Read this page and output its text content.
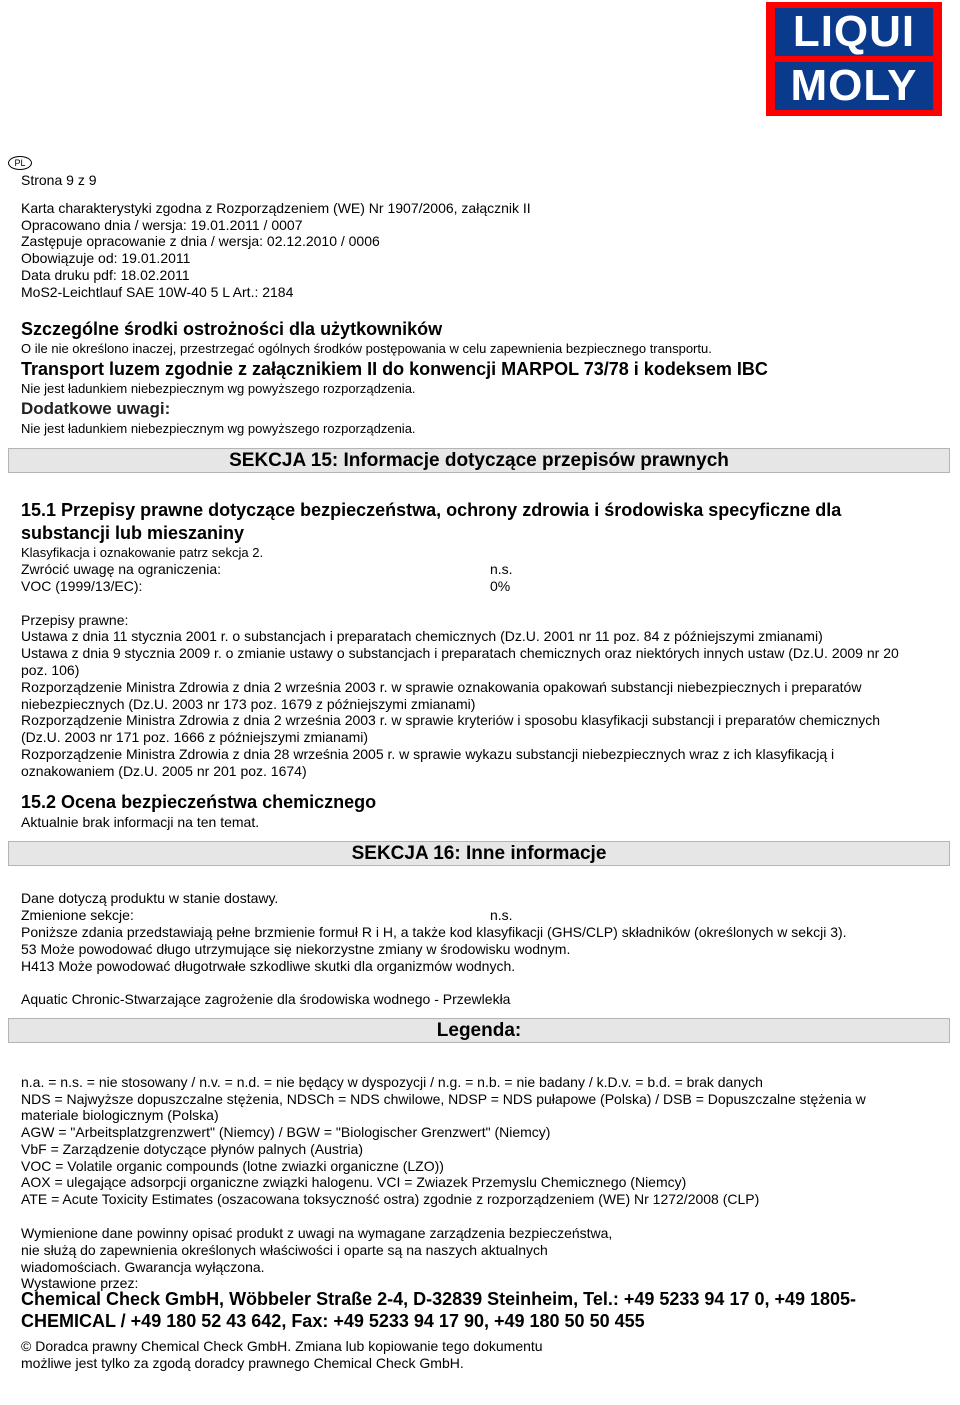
LIQUI
MOLY
PL
Strona 9 z 9
Karta charakterystyki zgodna z Rozporządzeniem (WE) Nr 1907/2006, załącznik II
Opracowano dnia / wersja: 19.01.2011 / 0007
Zastępuje opracowanie z dnia / wersja: 02.12.2010 / 0006
Obowiązuje od: 19.01.2011
Data druku pdf: 18.02.2011
MoS2-Leichtlauf SAE 10W-40 5 L Art.: 2184
Szczególne środki ostrożności dla użytkowników
O ile nie określono inaczej, przestrzegać ogólnych środków postępowania w celu zapewnienia bezpiecznego transportu.
Transport luzem zgodnie z załącznikiem II do konwencji MARPOL 73/78 i kodeksem IBC
Nie jest ładunkiem niebezpiecznym wg powyższego rozporządzenia.
Dodatkowe uwagi:
Nie jest ładunkiem niebezpiecznym wg powyższego rozporządzenia.
SEKCJA 15: Informacje dotyczące przepisów prawnych
15.1 Przepisy prawne dotyczące bezpieczeństwa, ochrony zdrowia i środowiska specyficzne dla
substancji lub mieszaniny
Klasyfikacja i oznakowanie patrz sekcja 2.
Zwrócić uwagę na ograniczenia:	n.s.
VOC (1999/13/EC):	0%
Przepisy prawne:
Ustawa z dnia 11 stycznia 2001 r. o substancjach i preparatach chemicznych (Dz.U. 2001 nr 11 poz. 84 z późniejszymi zmianami)
Ustawa z dnia 9 stycznia 2009 r. o zmianie ustawy o substancjach i preparatach chemicznych oraz niektórych innych ustaw (Dz.U. 2009 nr 20
poz. 106)
Rozporządzenie Ministra Zdrowia z dnia 2 września 2003 r. w sprawie oznakowania opakowań substancji niebezpiecznych i preparatów
niebezpiecznych (Dz.U. 2003 nr 173 poz. 1679 z późniejszymi zmianami)
Rozporządzenie Ministra Zdrowia z dnia 2 września 2003 r. w sprawie kryteriów i sposobu klasyfikacji substancji i preparatów chemicznych
(Dz.U. 2003 nr 171 poz. 1666 z późniejszymi zmianami)
Rozporządzenie Ministra Zdrowia z dnia 28 września 2005 r. w sprawie wykazu substancji niebezpiecznych wraz z ich klasyfikacją i
oznakowaniem (Dz.U. 2005 nr 201 poz. 1674)
15.2 Ocena bezpieczeństwa chemicznego
Aktualnie brak informacji na ten temat.
SEKCJA 16: Inne informacje
Dane dotyczą produktu w stanie dostawy.
Zmienione sekcje:	n.s.
Poniższe zdania przedstawiają pełne brzmienie formuł R i H, a także kod klasyfikacji (GHS/CLP) składników (określonych w sekcji 3).
53 Może powodować długo utrzymujące się niekorzystne zmiany w środowisku wodnym.
H413 Może powodować długotrwałe szkodliwe skutki dla organizmów wodnych.
Aquatic Chronic-Stwarzające zagrożenie dla środowiska wodnego - Przewlekła
Legenda:
n.a. = n.s. = nie stosowany / n.v. = n.d. = nie będący w dyspozycji / n.g. = n.b. = nie badany / k.D.v. = b.d. = brak danych
NDS = Najwyższe dopuszczalne stężenia, NDSCh = NDS chwilowe, NDSP = NDS pułapowe (Polska) / DSB = Dopuszczalne stężenia w
materiale biologicznym (Polska)
AGW = "Arbeitsplatzgrenzwert" (Niemcy) / BGW = "Biologischer Grenzwert" (Niemcy)
VbF = Zarządzenie dotyczące płynów palnych (Austria)
VOC = Volatile organic compounds (lotne zwiazki organiczne (LZO))
AOX = ulegające adsorpcji organiczne związki halogenu. VCI = Zwiazek Przemyslu Chemicznego (Niemcy)
ATE = Acute Toxicity Estimates (oszacowana toksyczność ostra) zgodnie z rozporządzeniem (WE) Nr 1272/2008 (CLP)
Wymienione dane powinny opisać produkt z uwagi na wymagane zarządzenia bezpieczeństwa,
nie służą do zapewnienia określonych właściwości i oparte są na naszych aktualnych
wiadomościach. Gwarancja wyłączona.
Wystawione przez:
Chemical Check GmbH, Wöbbeler Straße 2-4, D-32839 Steinheim, Tel.: +49 5233 94 17 0, +49 1805-
CHEMICAL / +49 180 52 43 642, Fax: +49 5233 94 17 90, +49 180 50 50 455
© Doradca prawny Chemical Check GmbH. Zmiana lub kopiowanie tego dokumentu
możliwe jest tylko za zgodą doradcy prawnego Chemical Check GmbH.
